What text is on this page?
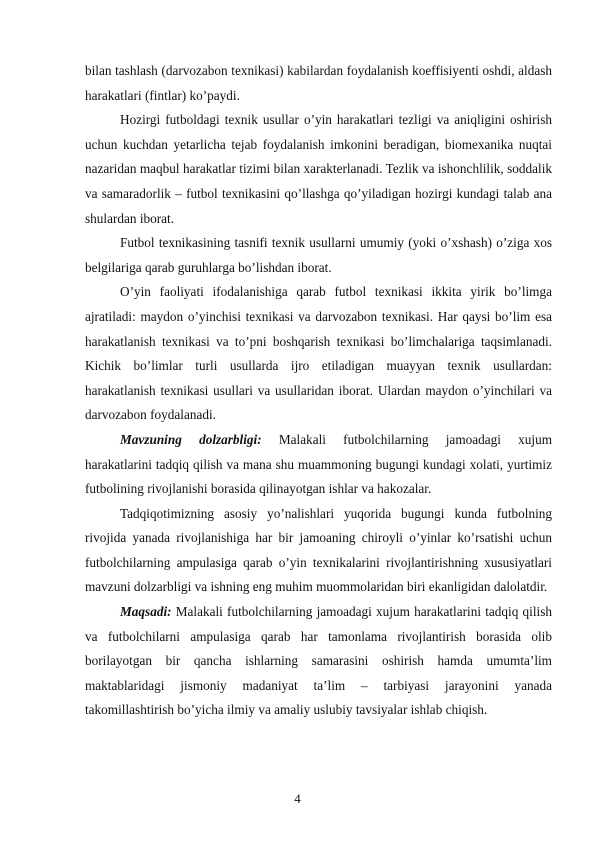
bilan tashlash (darvozabon texnikasi) kabilardan foydalanish koeffisiyenti oshdi, aldash harakatlari (fintlar) ko’paydi.

Hozirgi futboldagi texnik usullar o’yin harakatlari tezligi va aniqligini oshirish uchun kuchdan yetarlicha tejab foydalanish imkonini beradigan, biomexanika nuqtai nazaridan maqbul harakatlar tizimi bilan xarakterlanadi. Tezlik va ishonchlilik, soddalik va samaradorlik – futbol texnikasini qo’llashga qo’yiladigan hozirgi kundagi talab ana shulardan iborat.

Futbol texnikasining tasnifi texnik usullarni umumiy (yoki o’xshash) o’ziga xos belgilariga qarab guruhlarga bo’lishdan iborat.

O’yin faoliyati ifodalanishiga qarab futbol texnikasi ikkita yirik bo’limga ajratiladi: maydon o’yinchisi texnikasi va darvozabon texnikasi. Har qaysi bo’lim esa harakatlanish texnikasi va to’pni boshqarish texnikasi bo’limchalariga taqsimlanadi. Kichik bo’limlar turli usullarda ijro etiladigan muayyan texnik usullardan: harakatlanish texnikasi usullari va usullaridan iborat. Ulardan maydon o’yinchilari va darvozabon foydalanadi.

Mavzuning dolzarbligi: Malakali futbolchilarning jamoadagi xujum harakatlarini tadqiq qilish va mana shu muammoning bugungi kundagi xolati, yurtimiz futbolining rivojlanishi borasida qilinayotgan ishlar va hakozalar.

Tadqiqotimizning asosiy yo’nalishlari yuqorida bugungi kunda futbolning rivojida yanada rivojlanishiga har bir jamoaning chiroyli o’yinlar ko’rsatishi uchun futbolchilarning ampulasiga qarab o’yin texnikalarini rivojlantirishning xususiyatlari mavzuni dolzarbligi va ishning eng muhim muommolaridan biri ekanligidan dalolatdir.

Maqsadi: Malakali futbolchilarning jamoadagi xujum harakatlarini tadqiq qilish va futbolchilarni ampulasiga qarab har tamonlama rivojlantirish borasida olib borilayotgan bir qancha ishlarning samarasini oshirish hamda umumta’lim maktablaridagi jismoniy madaniyat ta’lim – tarbiyasi jarayonini yanada takomillashtirish bo’yicha ilmiy va amaliy uslubiy tavsiyalar ishlab chiqish.

4
